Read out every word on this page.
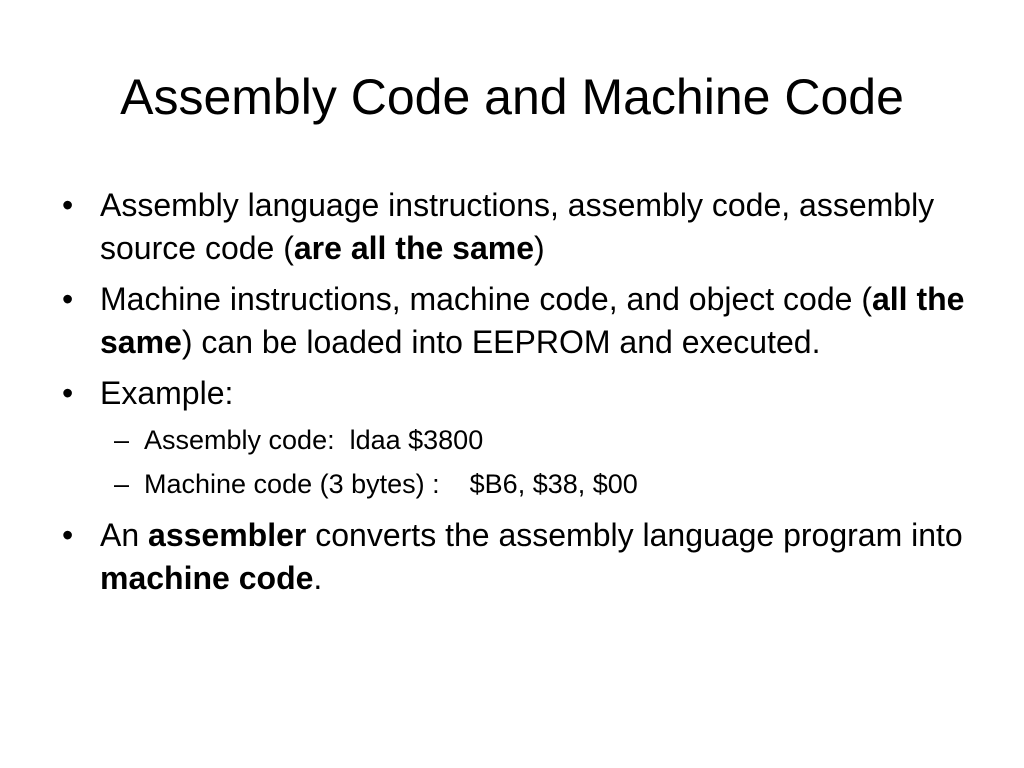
Assembly Code and Machine Code
• Assembly language instructions, assembly code, assembly source code (are all the same)
• Machine instructions, machine code, and object code (all the same) can be loaded into EEPROM and executed.
• Example:
– Assembly code:  ldaa $3800
– Machine code (3 bytes) :    $B6, $38, $00
• An assembler converts the assembly language program into machine code.
